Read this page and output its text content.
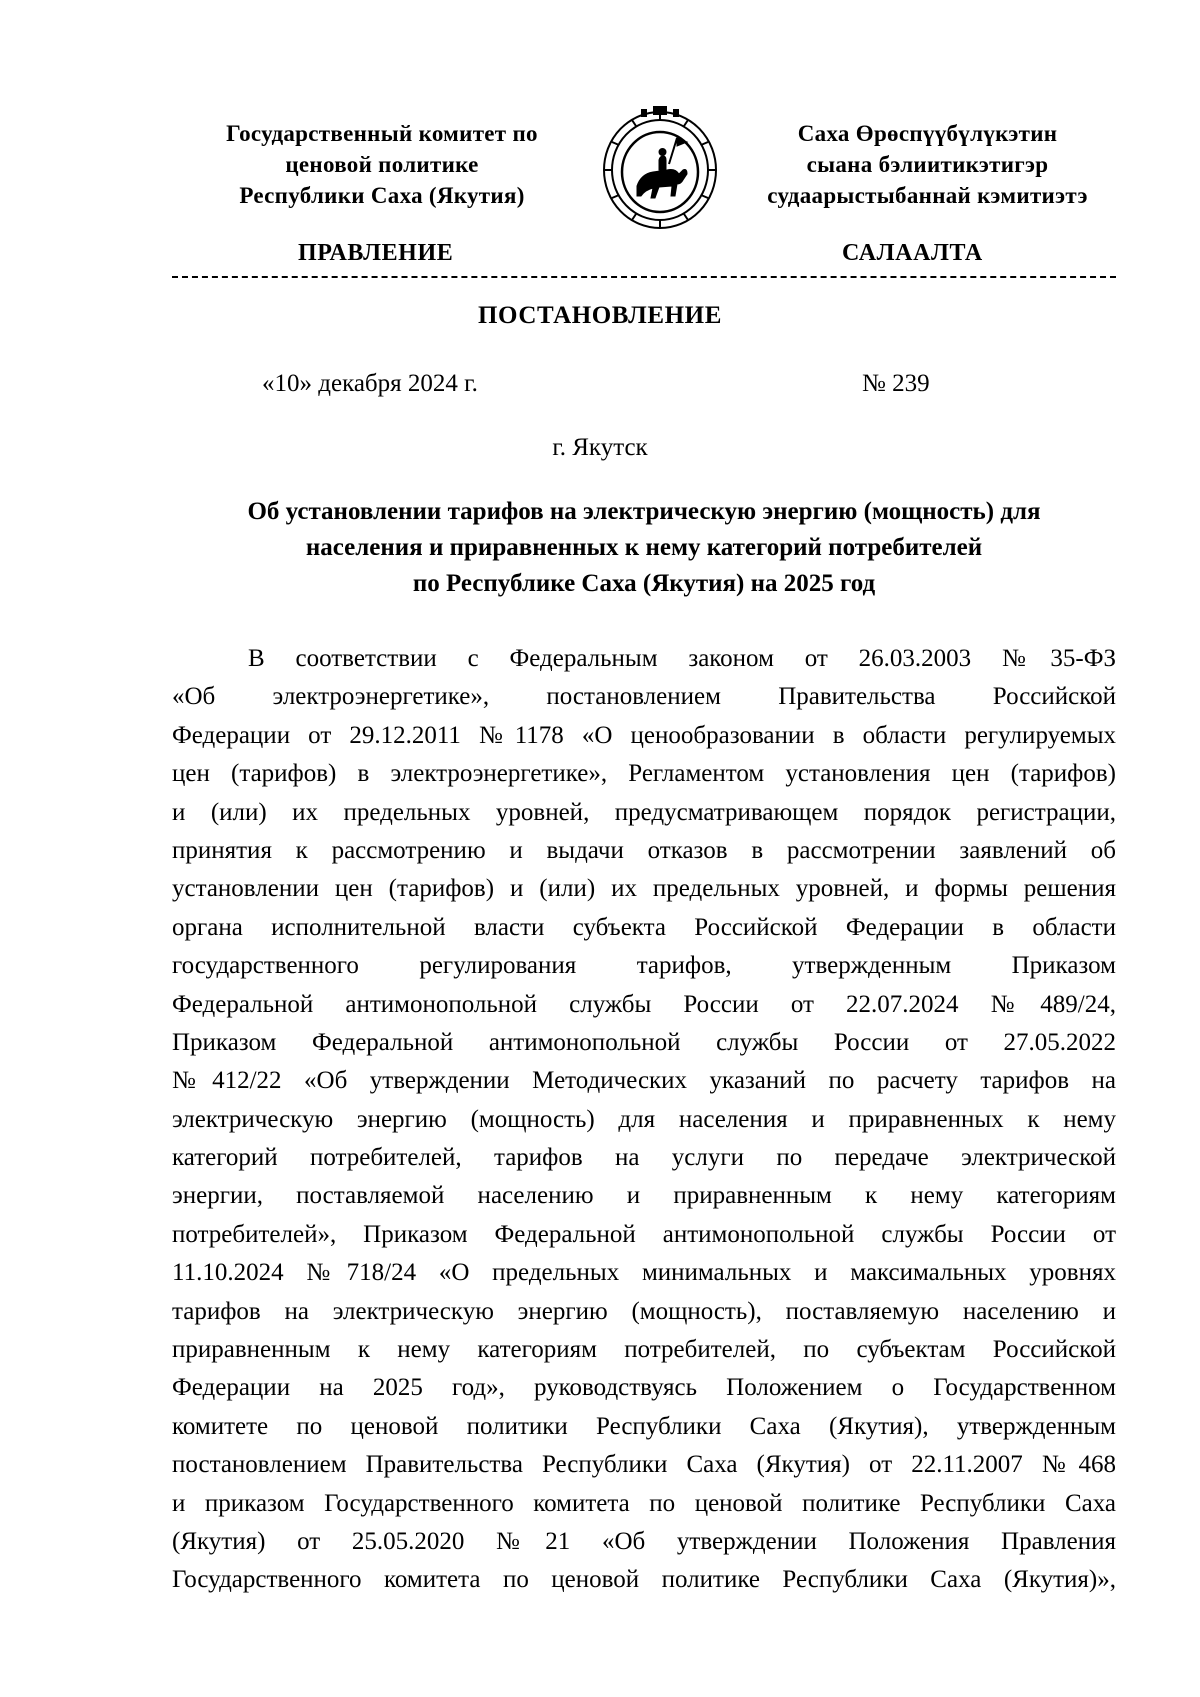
Государственный комитет по
ценовой политике
Республики Саха (Якутия)
Саха Өрөспүүбүлүкэтин
сыана бэлиитикэтигэр
судаарыстыбаннай кэмитиэтэ
ПРАВЛЕНИЕ	САЛААЛТА
ПОСТАНОВЛЕНИЕ
«10» декабря 2024 г.	№ 239
г. Якутск
Об установлении тарифов на электрическую энергию (мощность) для
населения и приравненных к нему категорий потребителей
по Республике Саха (Якутия) на 2025 год
В соответствии с Федеральным законом от 26.03.2003 №35-ФЗ
«Об электроэнергетике», постановлением Правительства Российской
Федерации от 29.12.2011 №1178 «О ценообразовании в области регулируемых
цен (тарифов) в электроэнергетике», Регламентом установления цен (тарифов)
и (или) их предельных уровней, предусматривающем порядок регистрации,
принятия к рассмотрению и выдачи отказов в рассмотрении заявлений об
установлении цен (тарифов) и (или) их предельных уровней, и формы решения
органа исполнительной власти субъекта Российской Федерации в области
государственного регулирования тарифов, утвержденным Приказом
Федеральной антимонопольной службы России от 22.07.2024 №489/24,
Приказом Федеральной антимонопольной службы России от 27.05.2022
№412/22 «Об утверждении Методических указаний по расчету тарифов на
электрическую энергию (мощность) для населения и приравненных к нему
категорий потребителей, тарифов на услуги по передаче электрической
энергии, поставляемой населению и приравненным к нему категориям
потребителей», Приказом Федеральной антимонопольной службы России от
11.10.2024 №718/24 «О предельных минимальных и максимальных уровнях
тарифов на электрическую энергию (мощность), поставляемую населению и
приравненным к нему категориям потребителей, по субъектам Российской
Федерации на 2025 год», руководствуясь Положением о Государственном
комитете по ценовой политики Республики Саха (Якутия), утвержденным
постановлением Правительства Республики Саха (Якутия) от 22.11.2007 №468
и приказом Государственного комитета по ценовой политике Республики Саха
(Якутия) от 25.05.2020 №21 «Об утверждении Положения Правления
Государственного комитета по ценовой политике Республики Саха (Якутия)»,
